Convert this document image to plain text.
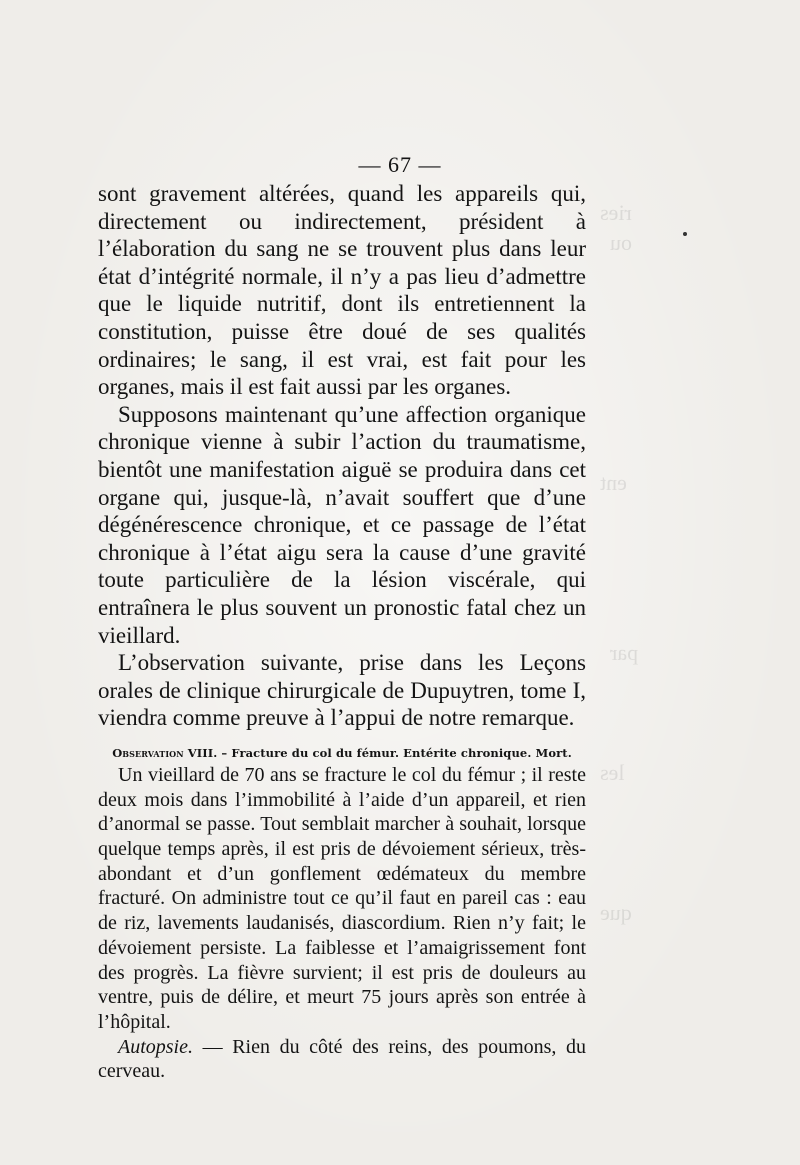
ries
ou
ent
par
les
que
— 67 —

sont gravement altérées, quand les appareils qui, directement ou indirectement, président à l’élaboration du sang ne se trouvent plus dans leur état d’intégrité normale, il n’y a pas lieu d’admettre que le liquide nutritif, dont ils entretiennent la constitution, puisse être doué de ses qualités ordinaires; le sang, il est vrai, est fait pour les organes, mais il est fait aussi par les organes.

Supposons maintenant qu’une affection organique chronique vienne à subir l’action du traumatisme, bientôt une manifestation aiguë se produira dans cet organe qui, jusque-là, n’avait souffert que d’une dégénérescence chronique, et ce passage de l’état chronique à l’état aigu sera la cause d’une gravité toute particulière de la lésion viscérale, qui entraînera le plus souvent un pronostic fatal chez un vieillard.

L’observation suivante, prise dans les Leçons orales de clinique chirurgicale de Dupuytren, tome I, viendra comme preuve à l’appui de notre remarque.

Observation VIII. – Fracture du col du fémur. Entérite chronique. Mort.

Un vieillard de 70 ans se fracture le col du fémur ; il reste deux mois dans l’immobilité à l’aide d’un appareil, et rien d’anormal se passe. Tout semblait marcher à souhait, lorsque quelque temps après, il est pris de dévoiement sérieux, très-abondant et d’un gonflement œdémateux du membre fracturé. On administre tout ce qu’il faut en pareil cas : eau de riz, lavements laudanisés, diascordium. Rien n’y fait; le dévoiement persiste. La faiblesse et l’amaigrissement font des progrès. La fièvre survient; il est pris de douleurs au ventre, puis de délire, et meurt 75 jours après son entrée à l’hôpital.

Autopsie. — Rien du côté des reins, des poumons, du cerveau.
